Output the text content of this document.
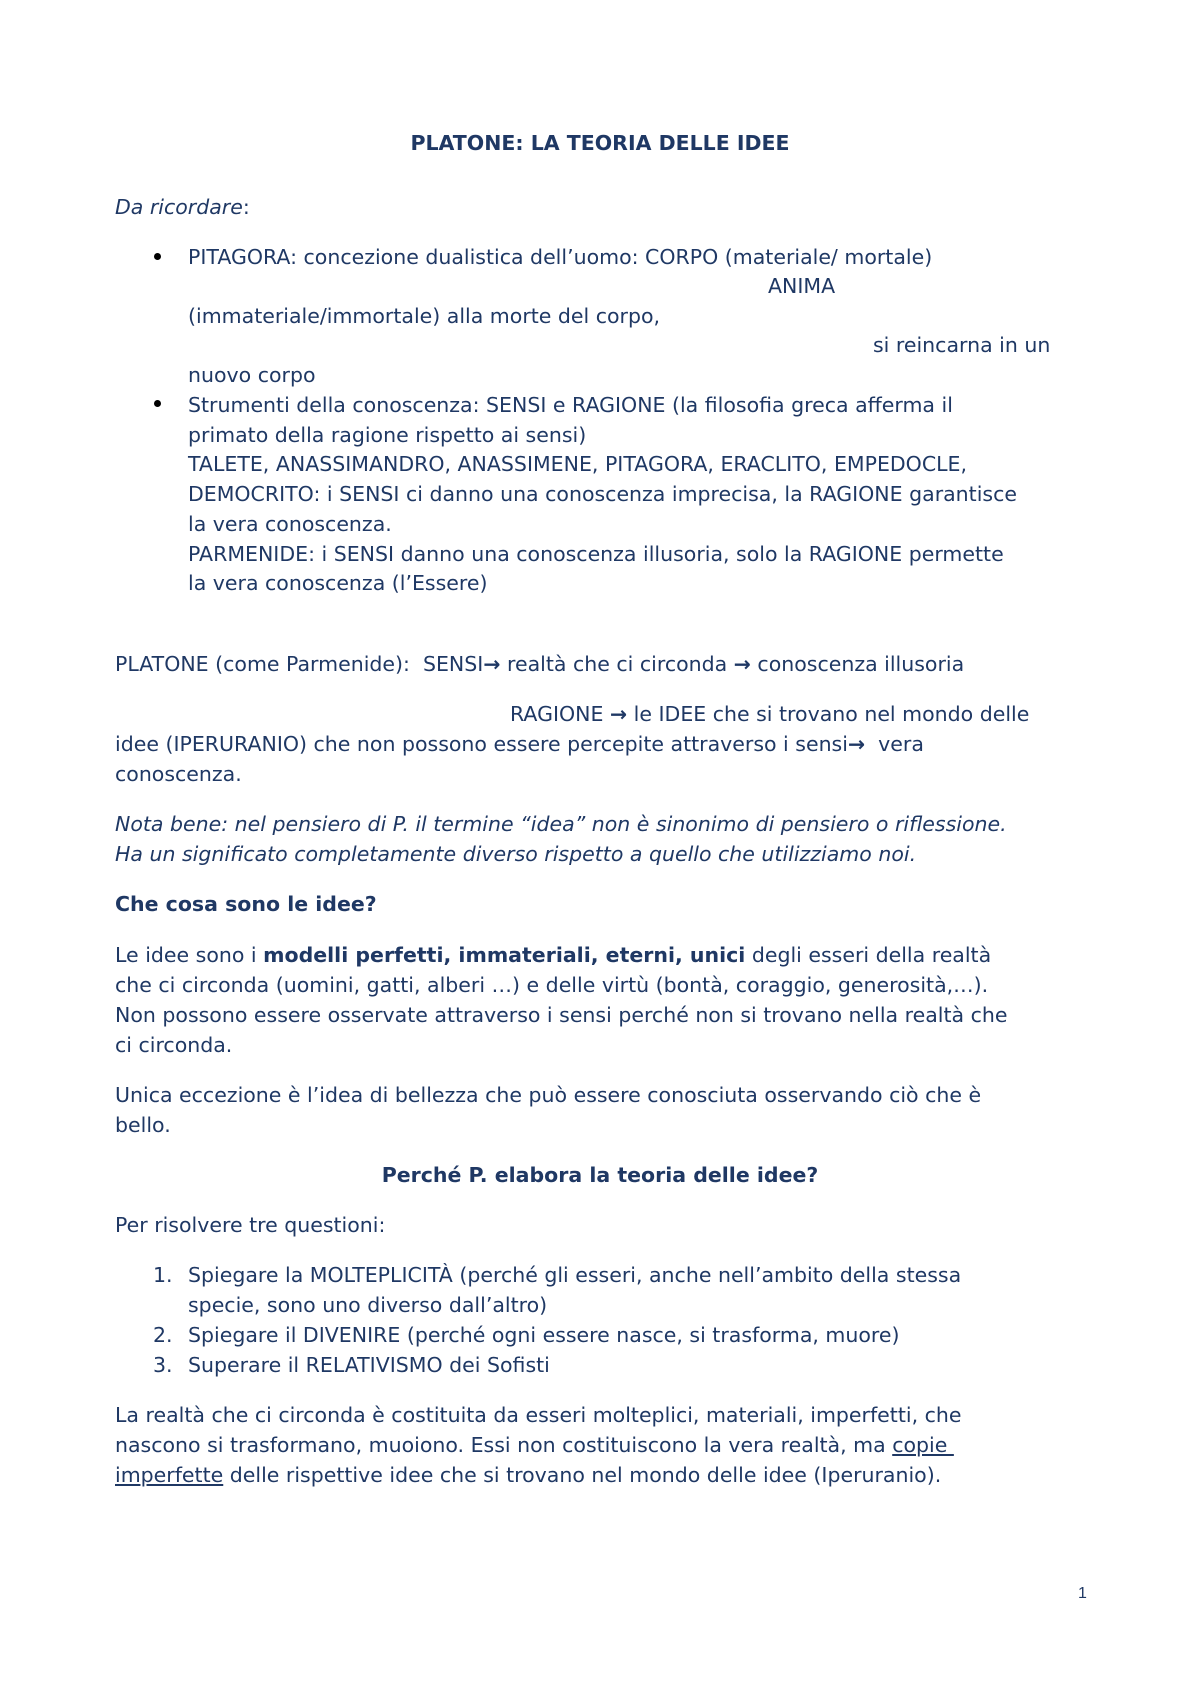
PLATONE: LA TEORIA DELLE IDEE
Da ricordare:
PITAGORA: concezione dualistica dell’uomo: CORPO (materiale/ mortale)
ANIMA
(immateriale/immortale) alla morte del corpo,
si reincarna in un
nuovo corpo
Strumenti della conoscenza: SENSI e RAGIONE (la filosofia greca afferma il
primato della ragione rispetto ai sensi)
TALETE, ANASSIMANDRO, ANASSIMENE, PITAGORA, ERACLITO, EMPEDOCLE,
DEMOCRITO: i SENSI ci danno una conoscenza imprecisa, la RAGIONE garantisce
la vera conoscenza.
PARMENIDE: i SENSI danno una conoscenza illusoria, solo la RAGIONE permette
la vera conoscenza (l’Essere)
PLATONE (come Parmenide):  SENSI→ realtà che ci circonda → conoscenza illusoria
RAGIONE → le IDEE che si trovano nel mondo delle
idee (IPERURANIO) che non possono essere percepite attraverso i sensi→  vera
conoscenza.
Nota bene: nel pensiero di P. il termine “idea” non è sinonimo di pensiero o riflessione.
Ha un significato completamente diverso rispetto a quello che utilizziamo noi.
Che cosa sono le idee?
Le idee sono i modelli perfetti, immateriali, eterni, unici degli esseri della realtà
che ci circonda (uomini, gatti, alberi …) e delle virtù (bontà, coraggio, generosità,…).
Non possono essere osservate attraverso i sensi perché non si trovano nella realtà che
ci circonda.
Unica eccezione è l’idea di bellezza che può essere conosciuta osservando ciò che è
bello.
Perché P. elabora la teoria delle idee?
Per risolvere tre questioni:
1. Spiegare la MOLTEPLICITÀ (perché gli esseri, anche nell’ambito della stessa
specie, sono uno diverso dall’altro)
2. Spiegare il DIVENIRE (perché ogni essere nasce, si trasforma, muore)
3. Superare il RELATIVISMO dei Sofisti
La realtà che ci circonda è costituita da esseri molteplici, materiali, imperfetti, che
nascono si trasformano, muoiono. Essi non costituiscono la vera realtà, ma copie
imperfette delle rispettive idee che si trovano nel mondo delle idee (Iperuranio).
1
